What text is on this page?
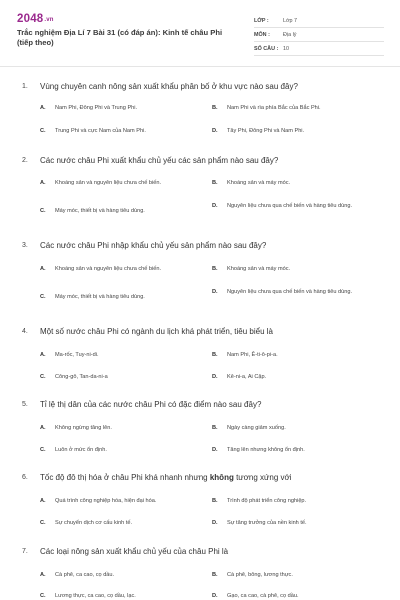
2048.vn
Trắc nghiệm Địa Lí 7 Bài 31 (có đáp án): Kinh tế châu Phi (tiếp theo)
LỚP :	Lớp 7
MÔN :	Địa lý
SỐ CÂU : 10
1. Vùng chuyên canh nông sản xuất khẩu phân bố ở khu vực nào sau đây?
A. Nam Phi, Đông Phi và Trung Phi.	B. Nam Phi và rìa phía Bắc của Bắc Phi.
C. Trung Phi và cực Nam của Nam Phi.	D. Tây Phi, Đông Phi và Nam Phi.
2. Các nước châu Phi xuất khẩu chủ yếu các sản phẩm nào sau đây?
A. Khoáng sản và nguyên liệu chưa chế biến.	B. Khoáng sản và máy móc.
C. Máy móc, thiết bị và hàng tiêu dùng.
D. Nguyên liệu chưa qua chế biến và hàng tiêu dùng.
3. Các nước châu Phi nhập khẩu chủ yếu sản phẩm nào sau đây?
A. Khoáng sản và nguyên liệu chưa chế biến.	B. Khoáng sản và máy móc.
C. Máy móc, thiết bị và hàng tiêu dùng.
D. Nguyên liệu chưa qua chế biến và hàng tiêu dùng.
4. Một số nước châu Phi có ngành du lịch khá phát triển, tiêu biểu là
A. Ma-rốc, Tuy-ni-di.	B. Nam Phi, Ê-ti-ô-pi-a.
C. Công-gô, Tan-da-ni-a	D. Kê-ni-a, Ai Cập.
5. Tỉ lệ thị dân của các nước châu Phi có đặc điểm nào sau đây?
A. Không ngừng tăng lên.	B. Ngày càng giảm xuống.
C. Luôn ở mức ổn định.	D. Tăng lên nhưng không ổn định.
6. Tốc độ đô thị hóa ở châu Phi khá nhanh nhưng không tương xứng với
A. Quá trình công nghiệp hóa, hiện đại hóa.	B. Trình độ phát triển công nghiệp.
C. Sự chuyển dịch cơ cấu kinh tế.	D. Sự tăng trưởng của nền kinh tế.
7. Các loại nông sản xuất khẩu chủ yếu của châu Phi là
A. Cà phê, ca cao, cọ dầu.	B. Cà phê, bông, lương thực.
C. Lương thực, ca cao, cọ dầu, lạc.	D. Gạo, ca cao, cà phê, cọ dầu.
